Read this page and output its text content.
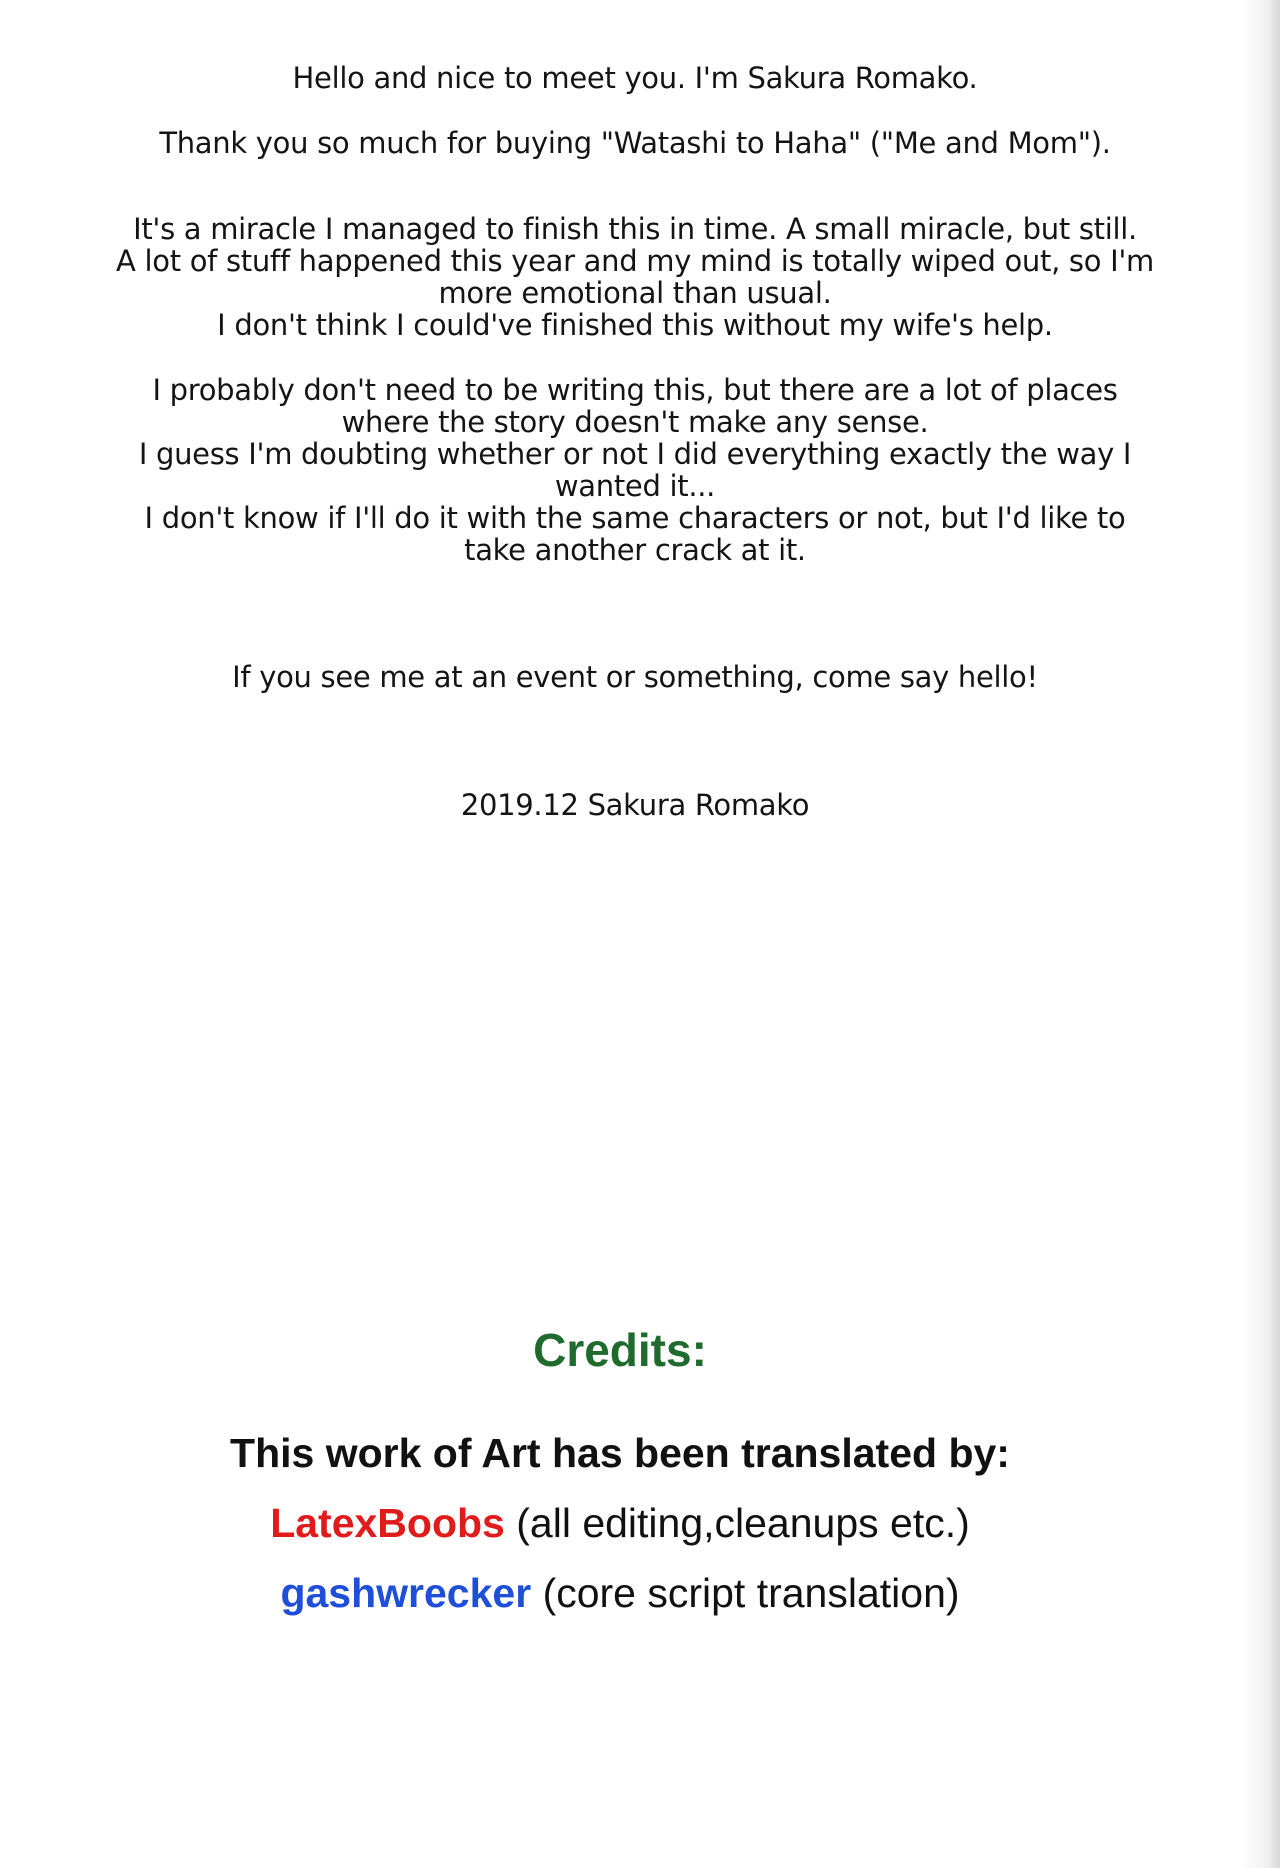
Hello and nice to meet you. I'm Sakura Romako.
Thank you so much for buying "Watashi to Haha" ("Me and Mom").
It's a miracle I managed to finish this in time. A small miracle, but still.
A lot of stuff happened this year and my mind is totally wiped out, so I'm
more emotional than usual.
I don't think I could've finished this without my wife's help.
I probably don't need to be writing this, but there are a lot of places
where the story doesn't make any sense.
I guess I'm doubting whether or not I did everything exactly the way I
wanted it...
I don't know if I'll do it with the same characters or not, but I'd like to
take another crack at it.
If you see me at an event or something, come say hello!
2019.12 Sakura Romako
Credits:
This work of Art has been translated by:
LatexBoobs (all editing,cleanups etc.)
gashwrecker (core script translation)
